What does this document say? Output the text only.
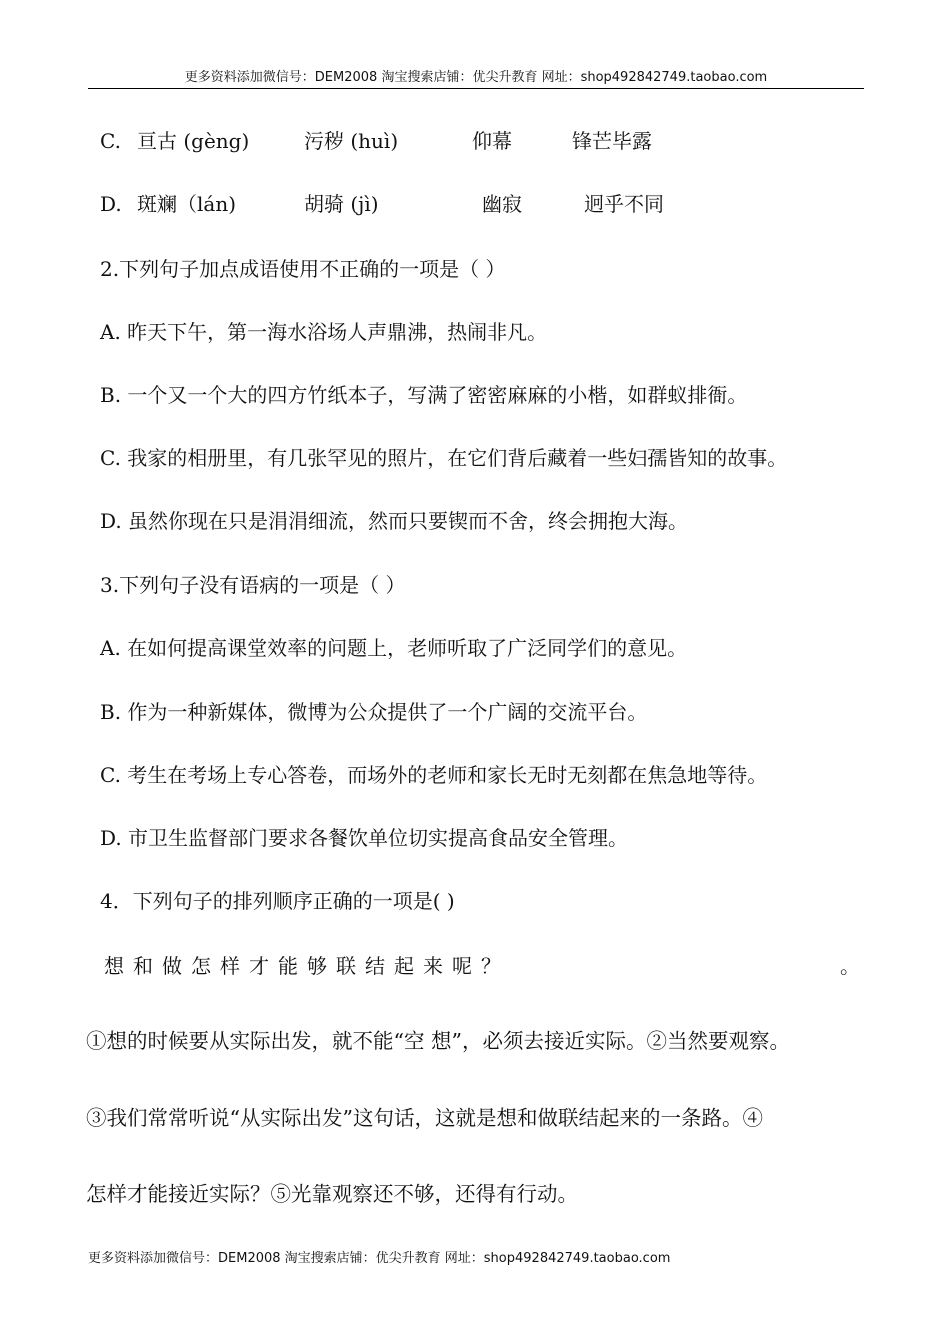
更多资料添加微信号：DEM2008 淘宝搜索店铺：优尖升教育 网址：shop492842749.taobao.com
C. 亘古 (gèng)	污秽 (huì)	仰幕	锋芒毕露
D. 斑斓（lán)	胡骑 (jì)	幽寂	迥乎不同
2.下列句子加点成语使用不正确的一项是（ ）
A. 昨天下午，第一海水浴场人声鼎沸，热闹非凡。
B. 一个又一个大的四方竹纸本子，写满了密密麻麻的小楷，如群蚁排衙。
C. 我家的相册里，有几张罕见的照片，在它们背后藏着一些妇孺皆知的故事。
D. 虽然你现在只是涓涓细流，然而只要锲而不舍，终会拥抱大海。
3.下列句子没有语病的一项是（ ）
A. 在如何提高课堂效率的问题上，老师听取了广泛同学们的意见。
B. 作为一种新媒体，微博为公众提供了一个广阔的交流平台。
C. 考生在考场上专心答卷，而场外的老师和家长无时无刻都在焦急地等待。
D. 市卫生监督部门要求各餐饮单位切实提高食品安全管理。
4．下列句子的排列顺序正确的一项是( )
想和做怎样才能够联结起来呢？	。
①想的时候要从实际出发，就不能“空 想”，必须去接近实际。②当然要观察。
③我们常常听说“从实际出发”这句话，这就是想和做联结起来的一条路。④
怎样才能接近实际？⑤光靠观察还不够，还得有行动。
更多资料添加微信号：DEM2008 淘宝搜索店铺：优尖升教育 网址：shop492842749.taobao.com
